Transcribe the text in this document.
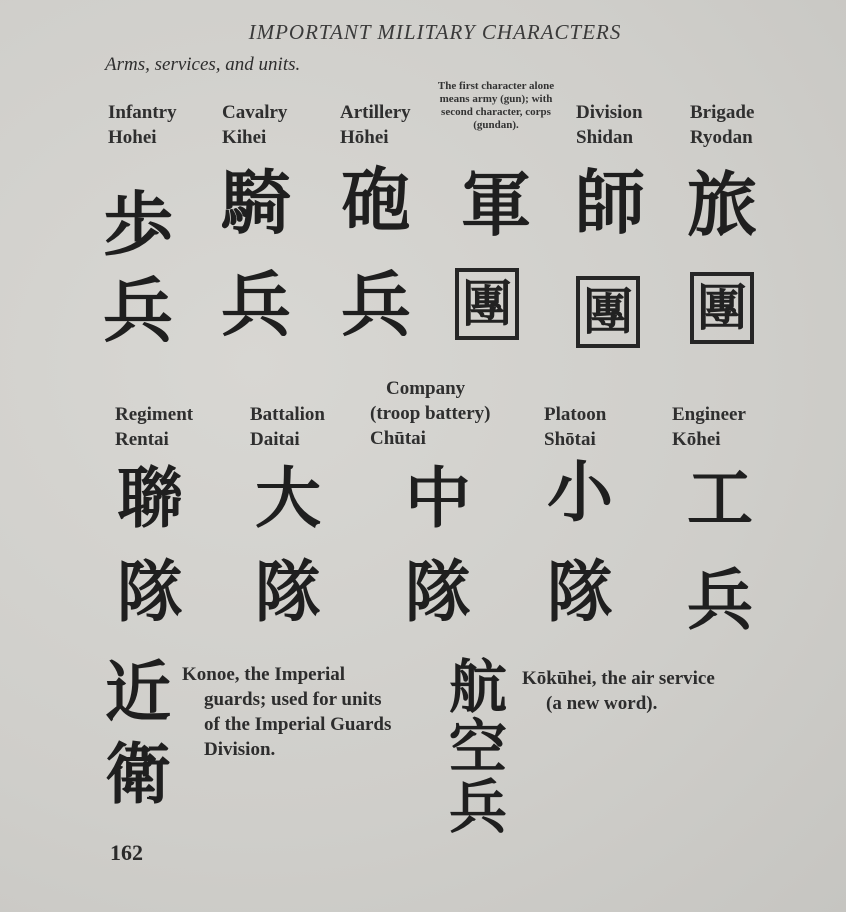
IMPORTANT MILITARY CHARACTERS
Arms, services, and units.
Infantry
Hohei
Cavalry
Kihei
Artillery
Hōhei
The first character alone means army (gun); with second character, corps (gundan).
Division
Shidan
Brigade
Ryodan
歩
兵
騎
兵
砲
兵
軍
團
師
團
旅
團
Regiment
Rentai
Battalion
Daitai
Company
(troop battery)
Chūtai
Platoon
Shōtai
Engineer
Kōhei
聯
隊
大
隊
中
隊
小
隊
工
兵
近
衛
Konoe, the Imperial
guards; used for units
of the Imperial Guards
Division.
航
空
兵
Kōkūhei, the air service
(a new word).
162
